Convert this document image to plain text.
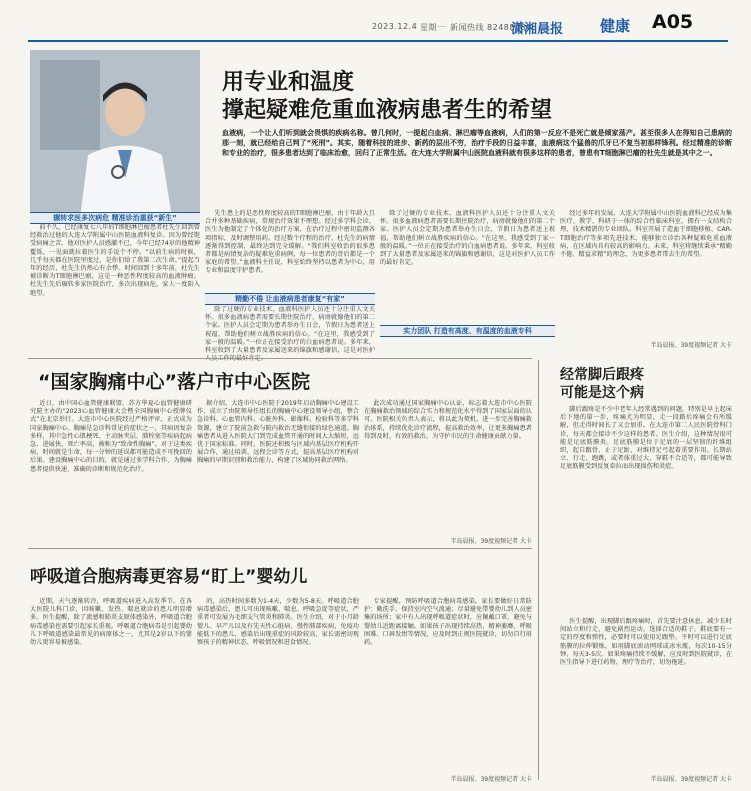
2023.12.4 星期一 新闻热线 82488888
潇湘晨报 健康 A05
用专业和温度
撑起疑难危重血液病患者生的希望
血液病，一个让人们听到就会畏惧的疾病名称。曾几何时，一提起白血病、淋巴瘤等血液病，人们的第一反应不是死亡就是倾家荡产。甚至很多人在得知自己患病的那一刻，就已经给自己判了“死刑”。其实，随着科技的进步、新药的层出不穷，治疗手段的日益丰富，血液病这个猛兽的爪牙已不复当初那样锋利。经过精准的诊断和专业的治疗，很多患者达到了临床治愈，回归了正常生活。在大连大学附属中山医院血液科就有很多这样的患者，曾患有T细胞淋巴瘤的杜先生就是其中之一。
辗转求医多次病危 精准诊治重获“新生”

前不久，已经康复七八年的T细胞淋巴瘤患者杜先生回到曾经救治过他的大连大学附属中山医院血液科复诊。因为曾经饱受病痛之苦，他对医护人员感激不已，今年已经74岁的他精神矍铄，一见面就拉着医生的手说个不停。“以前生病的时候，几乎每天都在医院里度过，是你们给了我第二次生命。”提起当年的经历，杜先生仍然心有余悸。时间回到十多年前，杜先生被诊断为T细胞淋巴瘤，这是一种恶性程度较高的血液肿瘤。杜先生先后辗转多家医院治疗，多次出现病危，家人一度陷入绝望。

先生患上的是恶性程度较高的T细胞淋巴瘤，由于年龄大且合并多种基础疾病，常规治疗效果不理想。经过多学科会诊，医生为他制定了个体化的治疗方案，在治疗过程中密切监测各项指标，及时调整用药。经过数个疗程的治疗，杜先生的病情逐渐得到控制，最终达到完全缓解。“我们科室收治的很多患者都是病情复杂的疑难危重病例，每一位患者的背后都是一个家庭的希望。”血液科主任说，科室始终坚持以患者为中心，用专业和温度守护患者。

精勤不倦 让血液病患者康复“有家”

除了过硬的专业技术，血液科医护人员还十分注重人文关怀。很多血液病患者需要长期住院治疗，病房就像他们的第二个家。医护人员会定期为患者举办生日会，节假日为患者送上祝福，帮助他们树立战胜疾病的信心。“在这里，我感受到了家一般的温暖。”一位正在接受治疗的白血病患者说。多年来，科室收到了大量患者及家属送来的锦旗和感谢信，这是对医护

除了过硬的专业技术，血液科医护人员还十分注重人文关怀。很多血液病患者需要长期住院治疗，病房就像他们的第二个家。医护人员会定期为患者举办生日会，节假日为患者送上祝福，帮助他们树立战胜疾病的信心。“在这里，我感受到了家一般的温暖。”一位正在接受治疗的白血病患者说。多年来，科室收到了大量患者及家属送来的锦旗和感谢信，这是对医护人员工作的最好肯定。

实力团队 打造有高度、有温度的血液专科

经过多年的发展，大连大学附属中山医院血液科已经成为集医疗、教学、科研于一体的综合性临床科室，拥有一支结构合理、技术精湛的专业团队。科室开展了造血干细胞移植、CAR-T细胞治疗等多项先进技术，能够独立诊治各种疑难危重血液病，在区域内具有较高的影响力。未来，科室将继续秉承“精勤不倦、精益求精”的理念，为更多患者带去生的希望。

半岛晨报、39度视频记者 大卡
“国家胸痛中心”落户市中心医院

近日，由中国心血管健康联盟、苏方华夏心血管健康研究院主办的“2023心血管健康大会暨全国胸痛中心授牌仪式”在北京举行。大连市中心医院经过严格评审，正式成为国家胸痛中心。胸痛是急诊科常见的症状之一，其病因复杂多样，其中急性心肌梗死、主动脉夹层、肺栓塞等疾病起病急、进展快、死亡率高，被称为“致命性胸痛”。对于这类疾病，时间就是生命，每一分钟的延误都可能造成不可挽回的后果。建设胸痛中心的目的，就是通过多学科合作，为胸痛患者提供快速、准确的诊断和规范化治疗。

据介绍，大连市中心医院于2019年启动胸痛中心建设工作，成立了由院领导任组长的胸痛中心建设领导小组，整合急诊科、心血管内科、心脏外科、影像科、检验科等多学科资源，建立了院前急救与院内救治无缝衔接的绿色通道。胸痛患者从进入医院大门到完成血管开通的时间大大缩短，远优于国家标准。同时，医院还积极与区域内基层医疗机构开展合作，通过培训、远程会诊等方式，提高基层医疗机构对胸痛的早期识别和救治能力，构建了区域协同救治网络。

此次成功通过国家胸痛中心认证，标志着大连市中心医院在胸痛救治领域的综合实力和规范化水平得到了国家层面的认可。医院相关负责人表示，将以此为契机，进一步完善胸痛救治体系，持续优化诊疗流程，提高救治效率，让更多胸痛患者得到及时、有效的救治，为守护市民的生命健康贡献力量。

半岛晨报、39度视频记者 大卡
呼吸道合胞病毒更容易“盯上”婴幼儿

近期，天气逐渐转冷，呼吸道疾病进入高发季节。在各大医院儿科门诊，因咳嗽、发热、喘息就诊的患儿明显增多。医生提醒，除了流感和肺炎支原体感染外，呼吸道合胞病毒感染也需要引起家长重视。呼吸道合胞病毒是引起婴幼儿下呼吸道感染最常见的病原体之一，尤其是2岁以下的婴幼儿更容易被感染。

的，高热时间多数为1-4天，少数为5-8天。呼吸道合胞病毒感染后，患儿可出现咳嗽、喘息、呼吸急促等症状，严重者可发展为毛细支气管炎和肺炎。医生介绍，对于小月龄婴儿、早产儿以及有先天性心脏病、慢性肺部疾病、免疫功能低下的患儿，感染后出现重症的风险较高，家长需密切观察孩子的精神状态、呼吸情况和进食情况。

专家提醒，预防呼吸道合胞病毒感染，家长要做好日常防护：勤洗手，保持室内空气流通；尽量避免带婴幼儿到人员密集的场所；家中有人出现呼吸道症状时，应佩戴口罩，避免与婴幼儿近距离接触。如果孩子出现持续高热、精神萎靡、呼吸困难、口唇发绀等情况，应及时到正规医院就诊，切勿自行用药。

半岛晨报、39度视频记者 大卡
经常脚后跟疼
可能是这个病

脚后跟疼是不少中老年人经常遇到的问题，特别是早上起床后下地的第一步，疼痛尤为明显，走一段路后疼痛会有所缓解，但走得时间长了又会加重。在大连市第二人民医院骨科门诊，每天都会接诊不少这样的患者。医生介绍，这种情况很可能是足底筋膜炎。足底筋膜是位于足底的一层坚韧的纤维组织，起自跟骨，止于足趾，对维持足弓起着重要作用。长期站立、行走、跑跳，或者体重过大、穿鞋不合适等，都可能导致足底筋膜受到反复牵拉而出现损伤和炎症。

医生提醒，出现脚后跟疼痛时，首先要注意休息，减少长时间站立和行走，避免剧烈运动。选择合适的鞋子，鞋底要有一定的厚度和弹性，必要时可以使用足跟垫。平时可以进行足底筋膜的拉伸锻炼，如用脚底滚动网球或冰水瓶，每次10-15分钟，每天3-5次。如果疼痛持续不缓解，应及时到医院就诊，在医生指导下进行药物、理疗等治疗，切勿拖延。

半岛晨报、39度视频记者 大卡
